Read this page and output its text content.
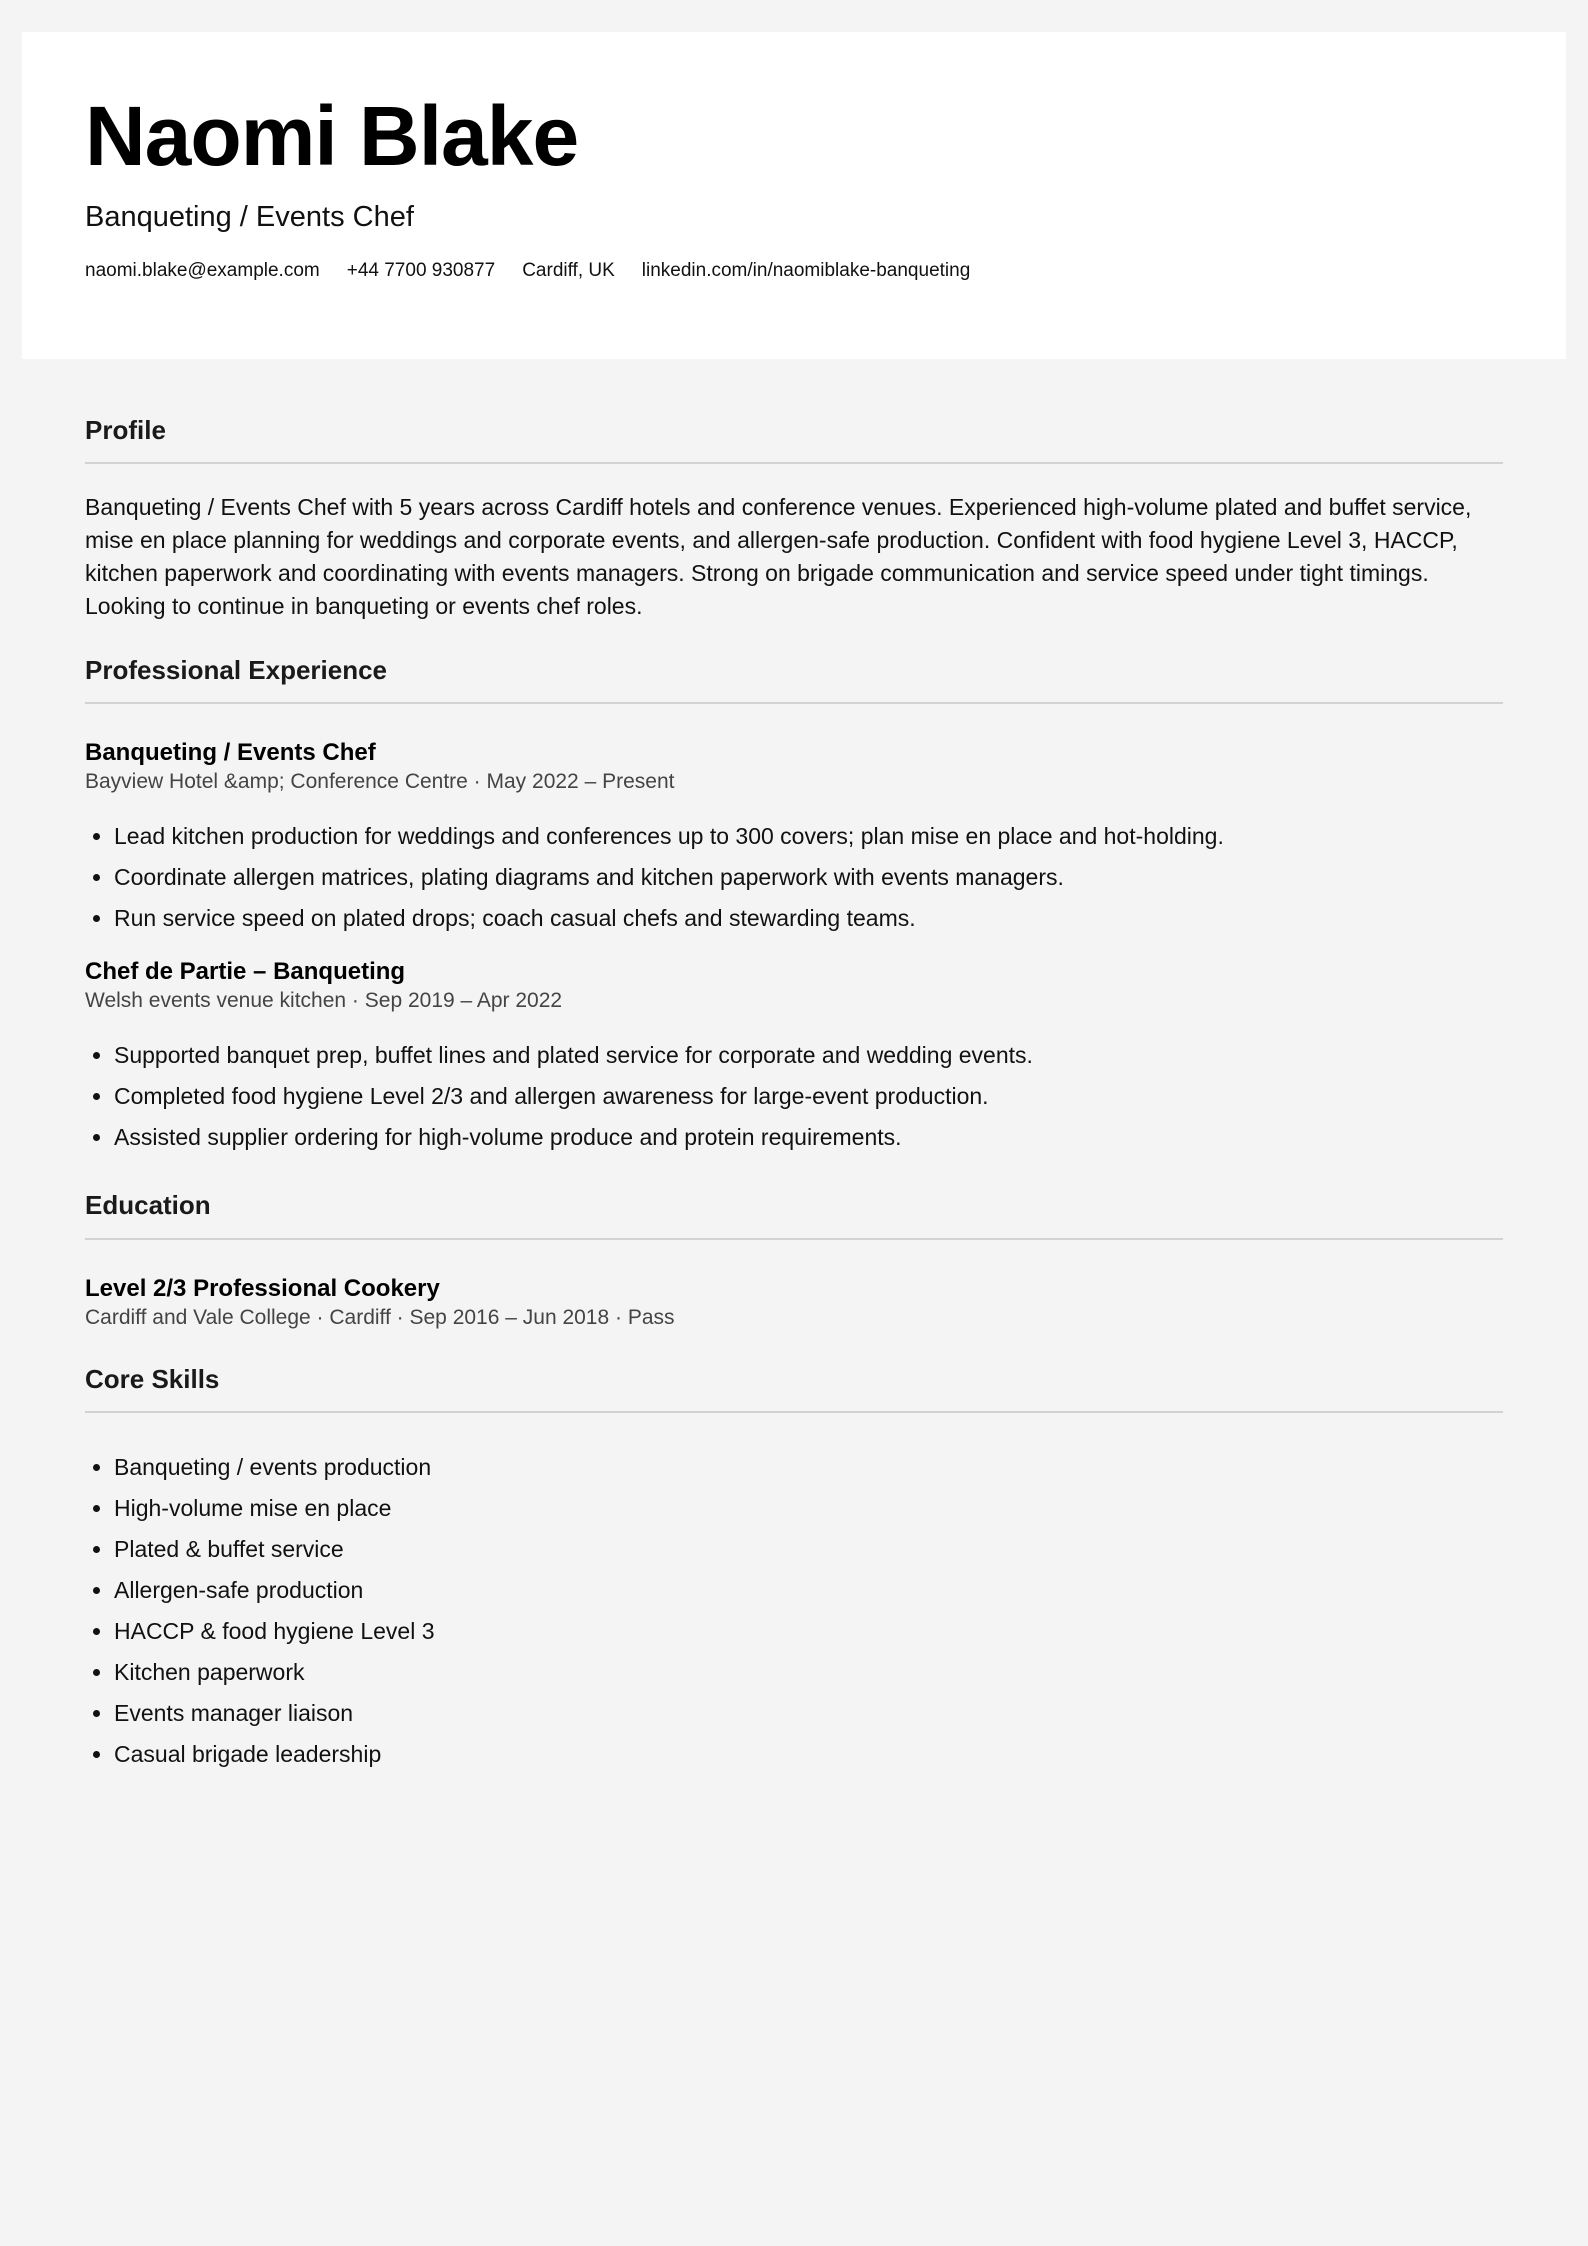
Naomi Blake
Banqueting / Events Chef
naomi.blake@example.com +44 7700 930877 Cardiff, UK linkedin.com/in/naomiblake-banqueting
Profile

Banqueting / Events Chef with 5 years across Cardiff hotels and conference venues. Experienced high-volume plated and buffet service, mise en place planning for weddings and corporate events, and allergen-safe production. Confident with food hygiene Level 3, HACCP, kitchen paperwork and coordinating with events managers. Strong on brigade communication and service speed under tight timings. Looking to continue in banqueting or events chef roles.

Professional Experience
Banqueting / Events Chef
Bayview Hotel &amp; Conference Centre · May 2022 – Present
• Lead kitchen production for weddings and conferences up to 300 covers; plan mise en place and hot-holding.
• Coordinate allergen matrices, plating diagrams and kitchen paperwork with events managers.
• Run service speed on plated drops; coach casual chefs and stewarding teams.
Chef de Partie – Banqueting
Welsh events venue kitchen · Sep 2019 – Apr 2022
• Supported banquet prep, buffet lines and plated service for corporate and wedding events.
• Completed food hygiene Level 2/3 and allergen awareness for large-event production.
• Assisted supplier ordering for high-volume produce and protein requirements.
Education
Level 2/3 Professional Cookery
Cardiff and Vale College · Cardiff · Sep 2016 – Jun 2018 · Pass
Core Skills
• Banqueting / events production
• High-volume mise en place
• Plated & buffet service
• Allergen-safe production
• HACCP & food hygiene Level 3
• Kitchen paperwork
• Events manager liaison
• Casual brigade leadership
